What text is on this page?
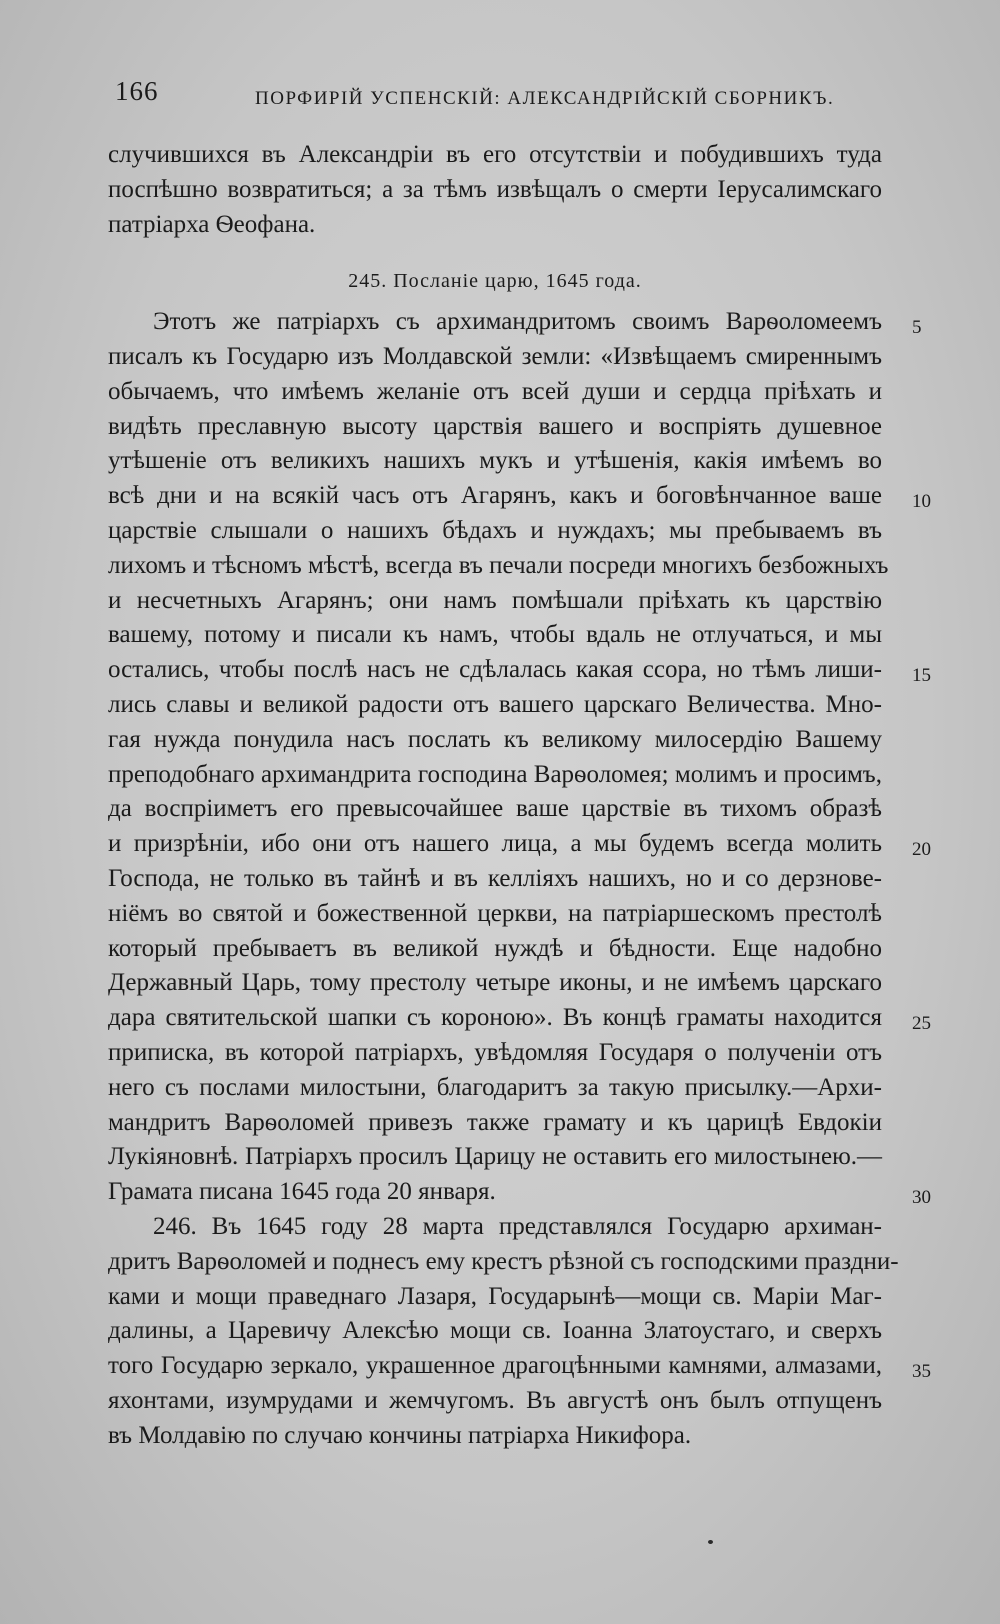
166	ПОРФИРІЙ УСПЕНСКІЙ: АЛЕКСАНДРІЙСКІЙ СБОРНИКЪ.
случившихся въ Александріи въ его отсутствіи и побудившихъ туда
поспѣшно возвратиться; а за тѣмъ извѣщалъ о смерти Іерусалимскаго
патріарха Ѳеофана.
245. Посланіе царю, 1645 года.
Этотъ же патріархъ съ архимандритомъ своимъ Варѳоломеемъ 5
писалъ къ Государю изъ Молдавской земли: «Извѣщаемъ смиреннымъ
обычаемъ, что имѣемъ желаніе отъ всей души и сердца пріѣхать и
видѣть преславную высоту царствія вашего и воспріять душевное
утѣшеніе отъ великихъ нашихъ мукъ и утѣшенія, какія имѣемъ во
всѣ дни и на всякій часъ отъ Агарянъ, какъ и боговѣнчанное ваше 10
царствіе слышали о нашихъ бѣдахъ и нуждахъ; мы пребываемъ въ
лихомъ и тѣсномъ мѣстѣ, всегда въ печали посреди многихъ безбожныхъ
и несчетныхъ Агарянъ; они намъ помѣшали пріѣхать къ царствію
вашему, потому и писали къ намъ, чтобы вдаль не отлучаться, и мы
остались, чтобы послѣ насъ не сдѣлалась какая ссора, но тѣмъ лиши- 15
лись славы и великой радости отъ вашего царскаго Величества. Мно-
гая нужда понудила насъ послать къ великому милосердію Вашему
преподобнаго архимандрита господина Варѳоломея; молимъ и просимъ,
да воспріиметъ его превысочайшее ваше царствіе въ тихомъ образѣ
и призрѣніи, ибо они отъ нашего лица, а мы будемъ всегда молить 20
Господа, не только въ тайнѣ и въ келліяхъ нашихъ, но и со дерзнове-
ніёмъ во святой и божественной церкви, на патріаршескомъ престолѣ
который пребываетъ въ великой нуждѣ и бѣдности. Еще надобно
Державный Царь, тому престолу четыре иконы, и не имѣемъ царскаго
дара святительской шапки съ короною». Въ концѣ граматы находится 25
приписка, въ которой патріархъ, увѣдомляя Государя о полученіи отъ
него съ послами милостыни, благодаритъ за такую присылку.—Архи-
мандритъ Варѳоломей привезъ также грамату и къ царицѣ Евдокіи
Лукіяновнѣ. Патріархъ просилъ Царицу не оставить его милостынею.—
Грамата писана 1645 года 20 января.	30
246. Въ 1645 году 28 марта представлялся Государю архиман-
дритъ Варѳоломей и поднесъ ему крестъ рѣзной съ господскими праздни-
ками и мощи праведнаго Лазаря, Государынѣ—мощи св. Маріи Маг-
далины, а Царевичу Алексѣю мощи св. Іоанна Златоустаго, и сверхъ
того Государю зеркало, украшенное драгоцѣнными камнями, алмазами, 35
яхонтами, изумрудами и жемчугомъ. Въ августѣ онъ былъ отпущенъ
въ Молдавію по случаю кончины патріарха Никифора.
